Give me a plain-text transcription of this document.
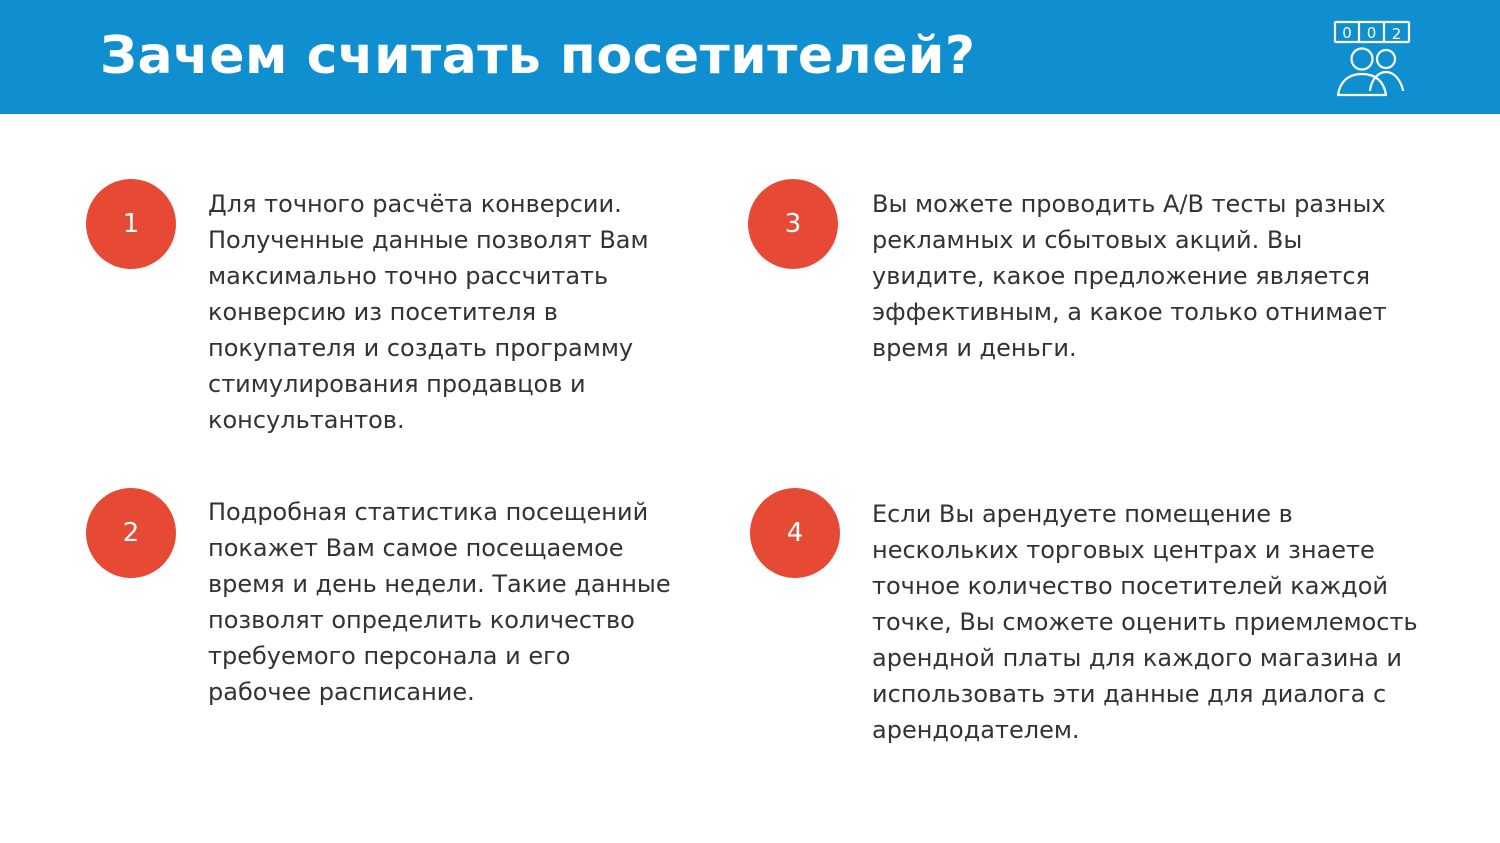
Зачем считать посетителей?	0 0 2
1
Для точного расчёта конверсии.
Полученные данные позволят Вам
максимально точно рассчитать
конверсию из посетителя в
покупателя и создать программу
стимулирования продавцов и
консультантов.
2
Подробная статистика посещений
покажет Вам самое посещаемое
время и день недели. Такие данные
позволят определить количество
требуемого персонала и его
рабочее расписание.
3
Вы можете проводить А/В тесты разных
рекламных и сбытовых акций. Вы
увидите, какое предложение является
эффективным, а какое только отнимает
время и деньги.
4
Если Вы арендуете помещение в
нескольких торговых центрах и знаете
точное количество посетителей каждой
точке, Вы сможете оценить приемлемость
арендной платы для каждого магазина и
использовать эти данные для диалога с
арендодателем.
